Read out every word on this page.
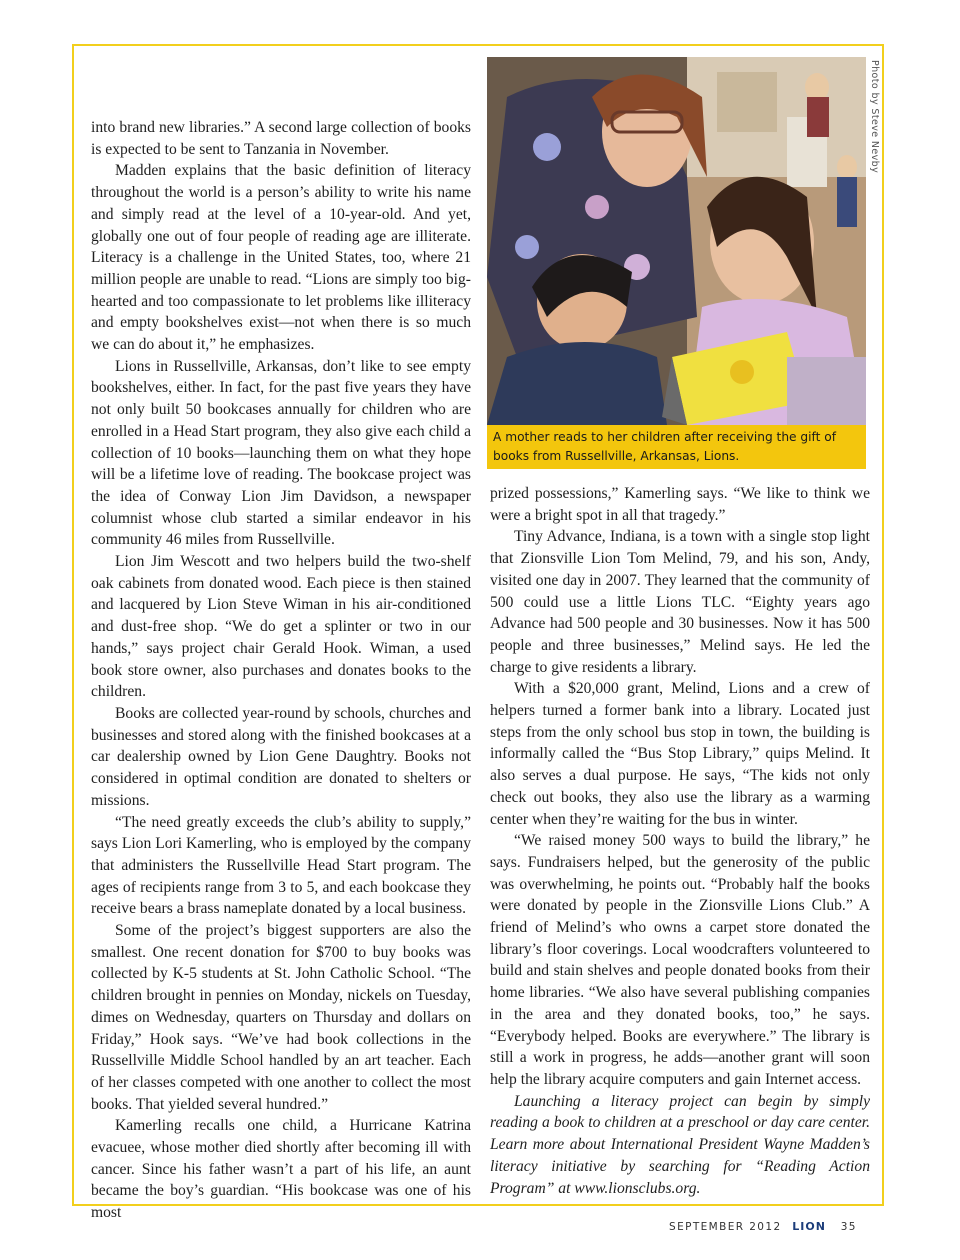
Photo by Steve Nevby
A mother reads to her children after receiving the gift of books from Russellville, Arkansas, Lions.

into brand new libraries.” A second large collection of books is expected to be sent to Tanzania in November.

Madden explains that the basic definition of literacy throughout the world is a person’s ability to write his name and simply read at the level of a 10-year-old. And yet, globally one out of four people of reading age are illiterate. Literacy is a challenge in the United States, too, where 21 million people are unable to read. “Lions are simply too big-hearted and too compassionate to let problems like illiteracy and empty bookshelves exist—not when there is so much we can do about it,” he emphasizes.

Lions in Russellville, Arkansas, don’t like to see empty bookshelves, either. In fact, for the past five years they have not only built 50 bookcases annually for children who are enrolled in a Head Start program, they also give each child a collection of 10 books—launching them on what they hope will be a lifetime love of reading. The bookcase project was the idea of Conway Lion Jim Davidson, a newspaper columnist whose club started a similar endeavor in his community 46 miles from Russellville.

Lion Jim Wescott and two helpers build the two-shelf oak cabinets from donated wood. Each piece is then stained and lacquered by Lion Steve Wiman in his air-conditioned and dust-free shop. “We do get a splinter or two in our hands,” says project chair Gerald Hook. Wiman, a used book store owner, also purchases and donates books to the children.

Books are collected year-round by schools, churches and businesses and stored along with the finished bookcases at a car dealership owned by Lion Gene Daughtry. Books not considered in optimal condition are donated to shelters or missions.

“The need greatly exceeds the club’s ability to supply,” says Lion Lori Kamerling, who is employed by the company that administers the Russellville Head Start program. The ages of recipients range from 3 to 5, and each bookcase they receive bears a brass nameplate donated by a local business.

Some of the project’s biggest supporters are also the smallest. One recent donation for $700 to buy books was collected by K-5 students at St. John Catholic School. “The children brought in pennies on Monday, nickels on Tuesday, dimes on Wednesday, quarters on Thursday and dollars on Friday,” Hook says. “We’ve had book collections in the Russellville Middle School handled by an art teacher. Each of her classes competed with one another to collect the most books. That yielded several hundred.”

Kamerling recalls one child, a Hurricane Katrina evacuee, whose mother died shortly after becoming ill with cancer. Since his father wasn’t a part of his life, an aunt became the boy’s guardian. “His bookcase was one of his most

prized possessions,” Kamerling says. “We like to think we were a bright spot in all that tragedy.”

Tiny Advance, Indiana, is a town with a single stop light that Zionsville Lion Tom Melind, 79, and his son, Andy, visited one day in 2007. They learned that the community of 500 could use a little Lions TLC. “Eighty years ago Advance had 500 people and 30 businesses. Now it has 500 people and three businesses,” Melind says. He led the charge to give residents a library.

With a $20,000 grant, Melind, Lions and a crew of helpers turned a former bank into a library. Located just steps from the only school bus stop in town, the building is informally called the “Bus Stop Library,” quips Melind. It also serves a dual purpose. He says, “The kids not only check out books, they also use the library as a warming center when they’re waiting for the bus in winter.

“We raised money 500 ways to build the library,” he says. Fundraisers helped, but the generosity of the public was overwhelming, he points out. “Probably half the books were donated by people in the Zionsville Lions Club.” A friend of Melind’s who owns a carpet store donated the library’s floor coverings. Local woodcrafters volunteered to build and stain shelves and people donated books from their home libraries. “We also have several publishing companies in the area and they donated books, too,” he says. “Everybody helped. Books are everywhere.” The library is still a work in progress, he adds—another grant will soon help the library acquire computers and gain Internet access.

Launching a literacy project can begin by simply reading a book to children at a preschool or day care center. Learn more about International President Wayne Madden’s literacy initiative by searching for “Reading Action Program” at www.lionsclubs.org.

SEPTEMBER 2012 LION 35
